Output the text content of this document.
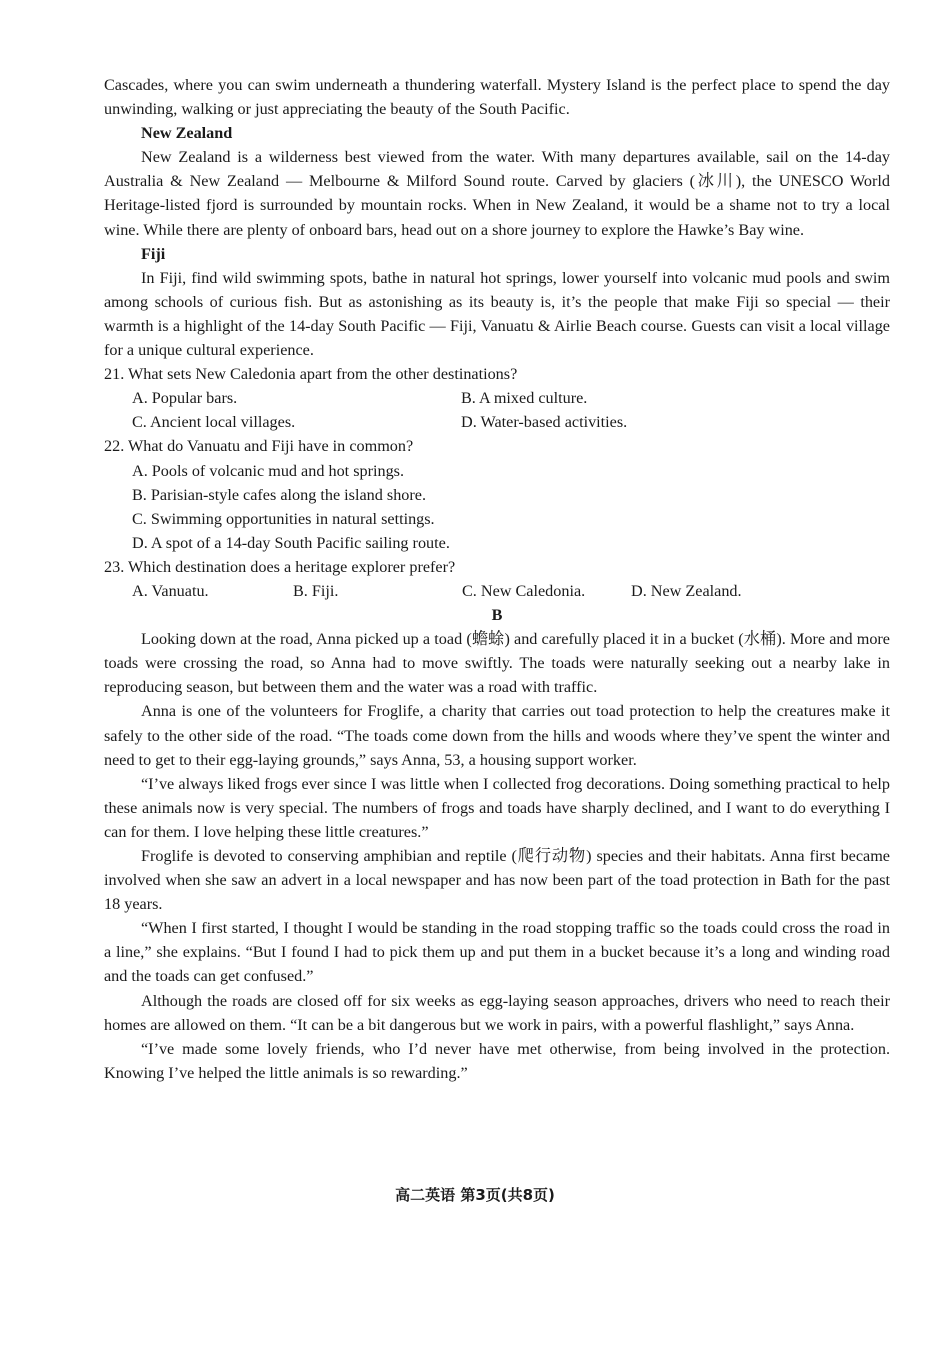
Cascades, where you can swim underneath a thundering waterfall. Mystery Island is the perfect place to spend the day unwinding, walking or just appreciating the beauty of the South Pacific.

New Zealand

New Zealand is a wilderness best viewed from the water. With many departures available, sail on the 14-day Australia & New Zealand — Melbourne & Milford Sound route. Carved by glaciers (冰川), the UNESCO World Heritage-listed fjord is surrounded by mountain rocks. When in New Zealand, it would be a shame not to try a local wine. While there are plenty of onboard bars, head out on a shore journey to explore the Hawke’s Bay wine.

Fiji

In Fiji, find wild swimming spots, bathe in natural hot springs, lower yourself into volcanic mud pools and swim among schools of curious fish. But as astonishing as its beauty is, it’s the people that make Fiji so special — their warmth is a highlight of the 14-day South Pacific — Fiji, Vanuatu & Airlie Beach course. Guests can visit a local village for a unique cultural experience.

21. What sets New Caledonia apart from the other destinations?

A. Popular bars.	B. A mixed culture.
C. Ancient local villages.	D. Water-based activities.

22. What do Vanuatu and Fiji have in common?

A. Pools of volcanic mud and hot springs.

B. Parisian-style cafes along the island shore.

C. Swimming opportunities in natural settings.

D. A spot of a 14-day South Pacific sailing route.

23. Which destination does a heritage explorer prefer?

A. Vanuatu.	B. Fiji.	C. New Caledonia.	D. New Zealand.

B

Looking down at the road, Anna picked up a toad (蟾蜍) and carefully placed it in a bucket (水桶). More and more toads were crossing the road, so Anna had to move swiftly. The toads were naturally seeking out a nearby lake in reproducing season, but between them and the water was a road with traffic.

Anna is one of the volunteers for Froglife, a charity that carries out toad protection to help the creatures make it safely to the other side of the road. “The toads come down from the hills and woods where they’ve spent the winter and need to get to their egg-laying grounds,” says Anna, 53, a housing support worker.

“I’ve always liked frogs ever since I was little when I collected frog decorations. Doing something practical to help these animals now is very special. The numbers of frogs and toads have sharply declined, and I want to do everything I can for them. I love helping these little creatures.”

Froglife is devoted to conserving amphibian and reptile (爬行动物) species and their habitats. Anna first became involved when she saw an advert in a local newspaper and has now been part of the toad protection in Bath for the past 18 years.

“When I first started, I thought I would be standing in the road stopping traffic so the toads could cross the road in a line,” she explains. “But I found I had to pick them up and put them in a bucket because it’s a long and winding road and the toads can get confused.”

Although the roads are closed off for six weeks as egg-laying season approaches, drivers who need to reach their homes are allowed on them. “It can be a bit dangerous but we work in pairs, with a powerful flashlight,” says Anna.

“I’ve made some lovely friends, who I’d never have met otherwise, from being involved in the protection. Knowing I’ve helped the little animals is so rewarding.”

高二英语 第3页(共8页)
